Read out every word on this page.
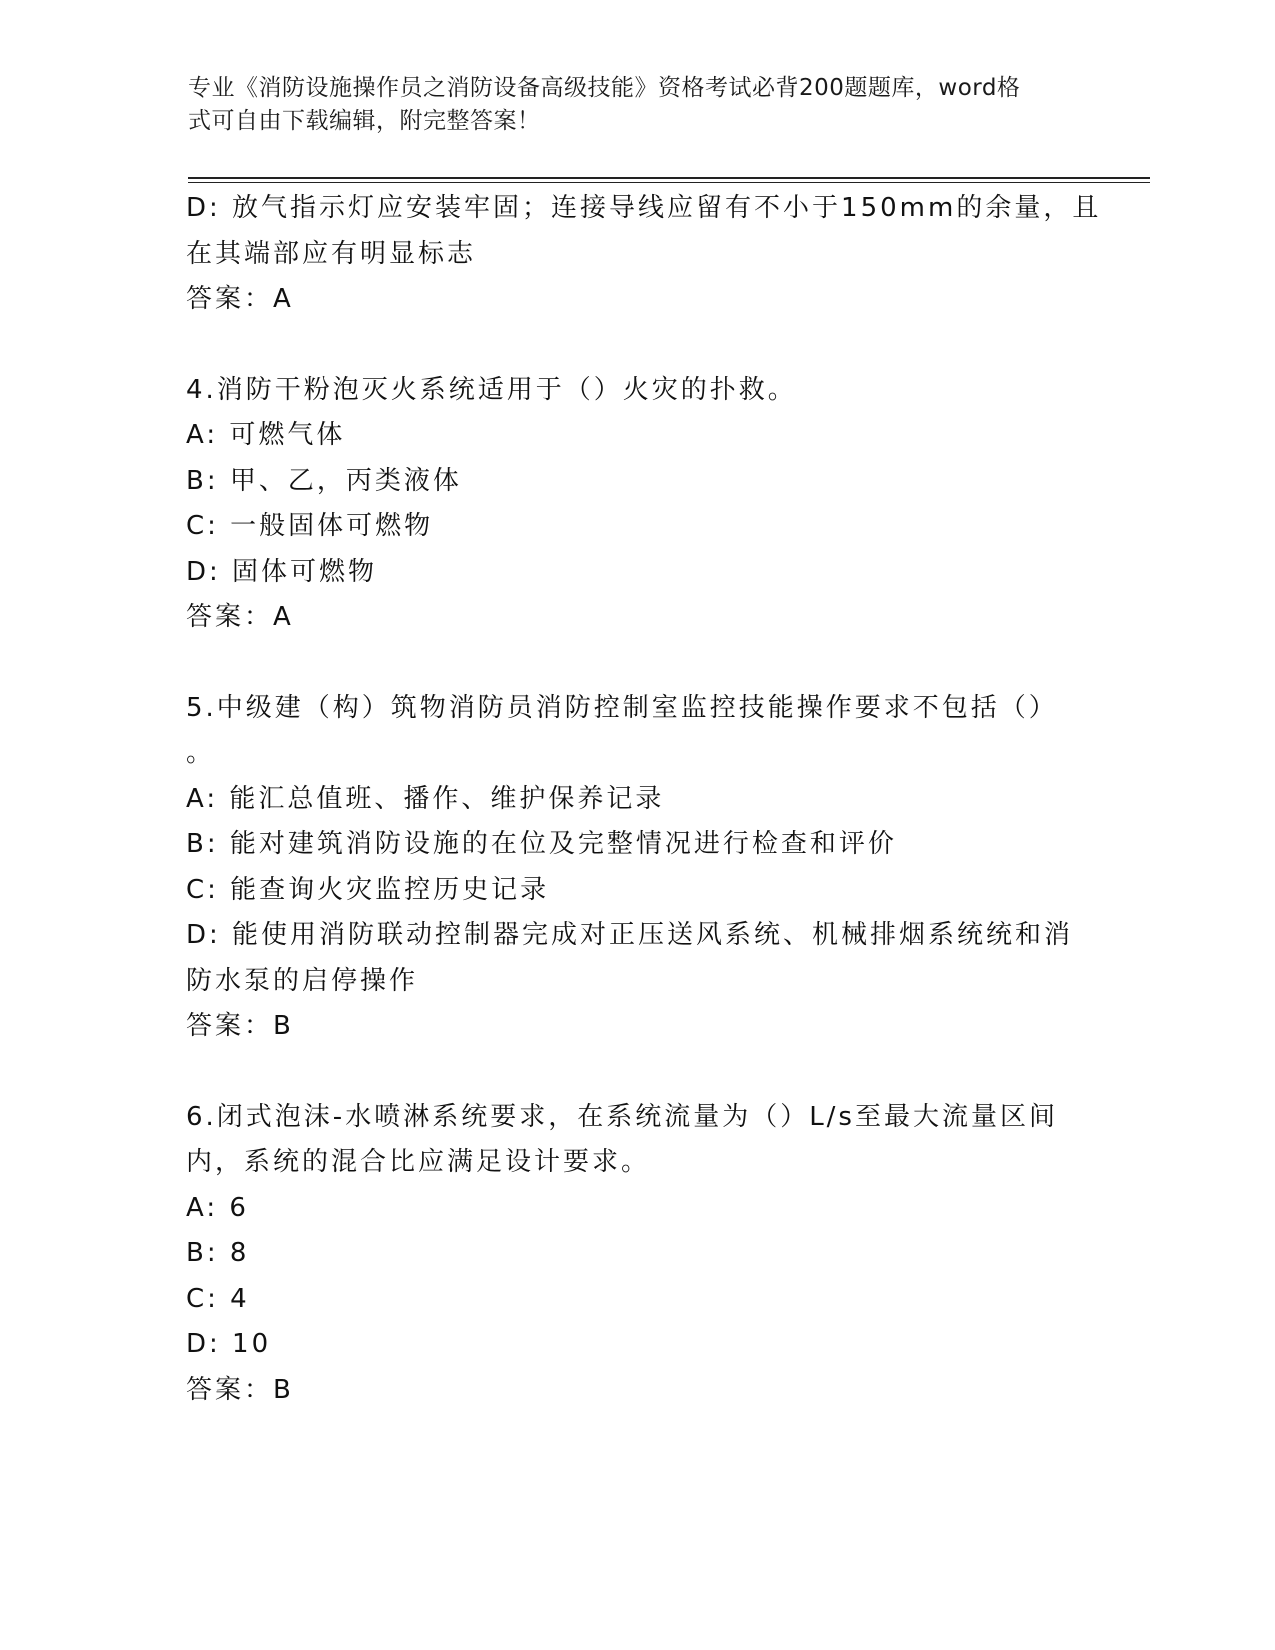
专业《消防设施操作员之消防设备高级技能》资格考试必背200题题库，word格
式可自由下载编辑，附完整答案！
D: 放气指示灯应安装牢固；连接导线应留有不小于150mm的余量，且
在其端部应有明显标志
答案：A
4.消防干粉泡灭火系统适用于（）火灾的扑救。
A: 可燃气体
B: 甲、乙，丙类液体
C: 一般固体可燃物
D: 固体可燃物
答案：A
5.中级建（构）筑物消防员消防控制室监控技能操作要求不包括（）
。
A: 能汇总值班、播作、维护保养记录
B: 能对建筑消防设施的在位及完整情况进行检查和评价
C: 能查询火灾监控历史记录
D: 能使用消防联动控制器完成对正压送风系统、机械排烟系统统和消
防水泵的启停操作
答案：B
6.闭式泡沫-水喷淋系统要求，在系统流量为（）L/s至最大流量区间
内，系统的混合比应满足设计要求。
A: 6
B: 8
C: 4
D: 10
答案：B
